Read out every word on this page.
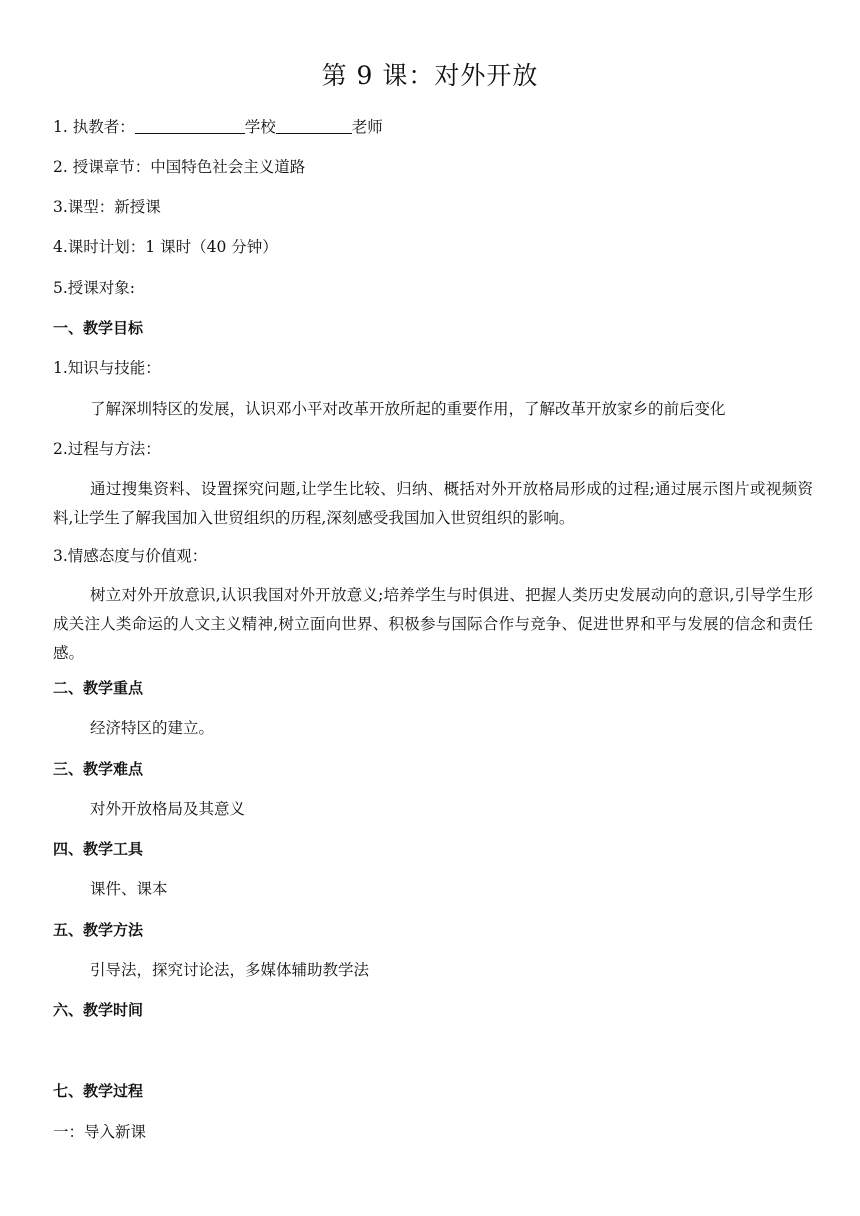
第 9 课：对外开放
1. 执教者：	学校	老师
2. 授课章节：中国特色社会主义道路
3.课型：新授课
4.课时计划：1 课时（40 分钟）
5.授课对象:
一、教学目标
1.知识与技能：
了解深圳特区的发展，认识邓小平对改革开放所起的重要作用，了解改革开放家乡的前后变化
2.过程与方法：
通过搜集资料、设置探究问题,让学生比较、归纳、概括对外开放格局形成的过程;通过展示图片或视频资料,让学生了解我国加入世贸组织的历程,深刻感受我国加入世贸组织的影响。
3.情感态度与价值观：
树立对外开放意识,认识我国对外开放意义;培养学生与时俱进、把握人类历史发展动向的意识,引导学生形成关注人类命运的人文主义精神,树立面向世界、积极参与国际合作与竞争、促进世界和平与发展的信念和责任感。
二、教学重点
经济特区的建立。
三、教学难点
对外开放格局及其意义
四、教学工具
课件、课本
五、教学方法
引导法，探究讨论法，多媒体辅助教学法
六、教学时间
七、教学过程
一：导入新课
